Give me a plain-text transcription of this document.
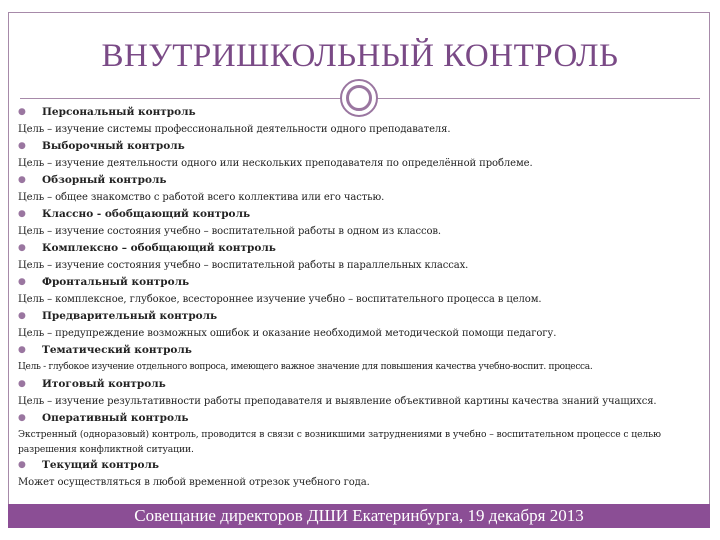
ВНУТРИШКОЛЬНЫЙ КОНТРОЛЬ
● Персональный контроль
Цель – изучение системы профессиональной деятельности одного преподавателя.
● Выборочный контроль
Цель – изучение деятельности одного или нескольких преподавателя по определённой проблеме.
● Обзорный контроль
Цель – общее знакомство с работой всего коллектива или его частью.
● Классно - обобщающий контроль
Цель – изучение состояния учебно – воспитательной работы в одном из классов.
● Комплексно – обобщающий контроль
Цель – изучение состояния учебно – воспитательной работы в параллельных классах.
● Фронтальный контроль
Цель – комплексное, глубокое, всестороннее изучение учебно – воспитательного процесса в целом.
● Предварительный контроль
Цель – предупреждение возможных ошибок и оказание необходимой методической помощи педагогу.
● Тематический контроль
Цель - глубокое изучение отдельного вопроса, имеющего важное значение для повышения качества учебно-воспит. процесса.
● Итоговый контроль
Цель – изучение результативности работы преподавателя и выявление объективной картины качества знаний учащихся.
● Оперативный контроль
Экстренный (одноразовый) контроль, проводится в связи с возникшими затруднениями в учебно – воспитательном процессе с целью разрешения конфликтной ситуации.
● Текущий контроль
Может осуществляться в любой временной отрезок учебного года.
Совещание директоров ДШИ Екатеринбурга, 19 декабря 2013
